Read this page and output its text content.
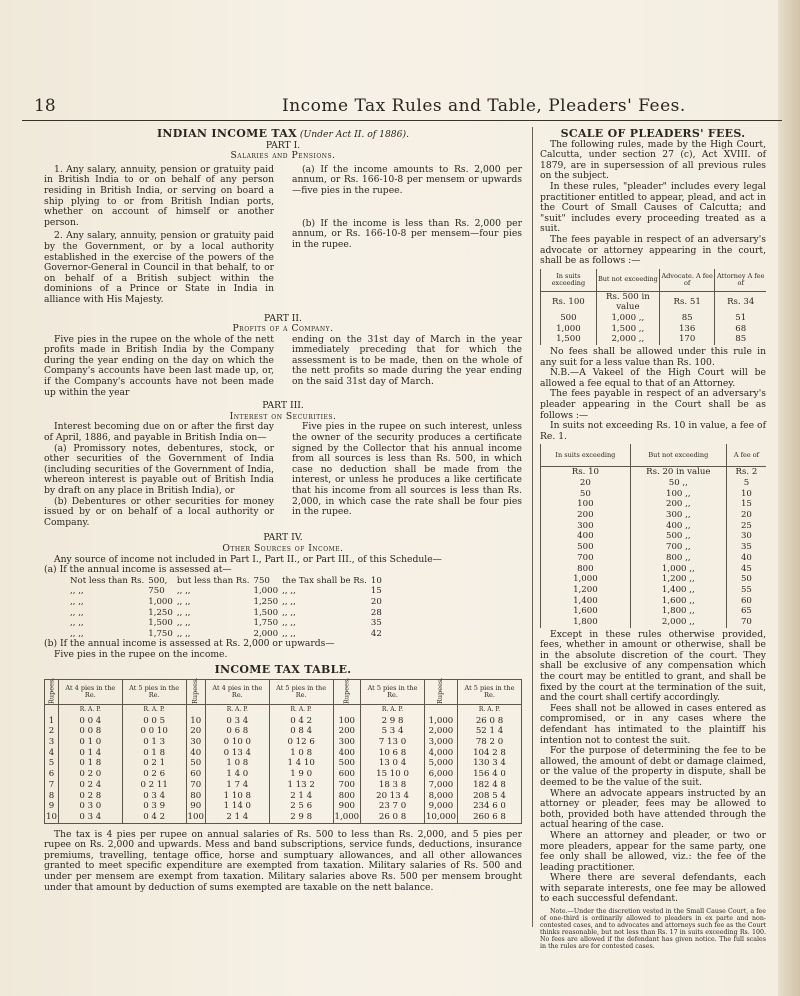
18	Income Tax Rules and Table, Pleaders' Fees.
INDIAN INCOME TAX (Under Act II. of 1886).
PART I.
Salaries and Pensions.

1. Any salary, annuity, pension or gratuity paid in British India to or on behalf of any person residing in British India, or serving on board a ship plying to or from British Indian ports, whether on account of himself or another person.

2. Any salary, annuity, pension or gratuity paid by the Government, or by a local authority established in the exercise of the powers of the Governor-General in Council in that behalf, to or on behalf of a British subject within the dominions of a Prince or State in India in alliance with His Majesty.

(a) If the income amounts to Rs. 2,000 per annum, or Rs. 166-10-8 per mensem or upwards—five pies in the rupee.

(b) If the income is less than Rs. 2,000 per annum, or Rs. 166-10-8 per mensem—four pies in the rupee.

PART II.
Profits of a Company.

Five pies in the rupee on the whole of the nett profits made in British India by the Company during the year ending on the day on which the Company's accounts have been last made up, or, if the Company's accounts have not been made up within the year

ending on the 31st day of March in the year immediately preceding that for which the assessment is to be made, then on the whole of the nett profits so made during the year ending on the said 31st day of March.

PART III.
Interest on Securities.

Interest becoming due on or after the first day of April, 1886, and payable in British India on—

(a) Promissory notes, debentures, stock, or other securities of the Government of India (including securities of the Government of India, whereon interest is payable out of British India by draft on any place in British India), or

(b) Debentures or other securities for money issued by or on behalf of a local authority or Company.

Five pies in the rupee on such interest, unless the owner of the security produces a certificate signed by the Collector that his annual income from all sources is less than Rs. 500, in which case no deduction shall be made from the interest, or unless he produces a like certificate that his income from all sources is less than Rs. 2,000, in which case the rate shall be four pies in the rupee.

PART IV.
Other Sources of Income.

Any source of income not included in Part I., Part II., or Part III., of this Schedule—

(a) If the annual income is assessed at—

Not less than Rs.	500,	but less than Rs.	750	the Tax shall be Rs.	10
,, ,,	750	,, ,,	1,000	,, ,,	15
,, ,,	1,000	,, ,,	1,250	,, ,,	20
,, ,,	1,250	,, ,,	1,500	,, ,,	28
,, ,,	1,500	,, ,,	1,750	,, ,,	35
,, ,,	1,750	,, ,,	2,000	,, ,,	42

(b) If the annual income is assessed at Rs. 2,000 or upwards—

Five pies in the rupee on the income.

INCOME TAX TABLE.
Rupees.	At 4 pies in the Re.	At 5 pies in the Re.	Rupees.	At 4 pies in the Re.	At 5 pies in the Re.	Rupees.	At 5 pies in the Re.	Rupees.	At 5 pies in the Re.
	R. A. P.	R. A. P.		R. A. P.	R. A. P.		R. A. P.		R. A. P.
1	0 0 4	0 0 5	10	0 3 4	0 4 2	100	2 9 8	1,000	26 0 8
2	0 0 8	0 0 10	20	0 6 8	0 8 4	200	5 3 4	2,000	52 1 4
3	0 1 0	0 1 3	30	0 10 0	0 12 6	300	7 13 0	3,000	78 2 0
4	0 1 4	0 1 8	40	0 13 4	1 0 8	400	10 6 8	4,000	104 2 8
5	0 1 8	0 2 1	50	1 0 8	1 4 10	500	13 0 4	5,000	130 3 4
6	0 2 0	0 2 6	60	1 4 0	1 9 0	600	15 10 0	6,000	156 4 0
7	0 2 4	0 2 11	70	1 7 4	1 13 2	700	18 3 8	7,000	182 4 8
8	0 2 8	0 3 4	80	1 10 8	2 1 4	800	20 13 4	8,000	208 5 4
9	0 3 0	0 3 9	90	1 14 0	2 5 6	900	23 7 0	9,000	234 6 0
10	0 3 4	0 4 2	100	2 1 4	2 9 8	1,000	26 0 8	10,000	260 6 8

The tax is 4 pies per rupee on annual salaries of Rs. 500 to less than Rs. 2,000, and 5 pies per rupee on Rs. 2,000 and upwards. Mess and band subscriptions, service funds, deductions, insurance premiums, travelling, tentage office, horse and sumptuary allowances, and all other allowances granted to meet specific expenditure are exempted from taxation. Military salaries of Rs. 500 and under per mensem are exempt from taxation. Military salaries above Rs. 500 per mensem brought under that amount by deduction of sums exempted are taxable on the nett balance.

SCALE OF PLEADERS' FEES.

The following rules, made by the High Court, Calcutta, under section 27 (c), Act XVIII. of 1879, are in supersession of all previous rules on the subject.

In these rules, "pleader" includes every legal practitioner entitled to appear, plead, and act in the Court of Small Causes of Calcutta; and "suit" includes every proceeding treated as a suit.

The fees payable in respect of an adversary's advocate or attorney appearing in the court, shall be as follows :—

In suits exceeding	But not exceeding	Advocate. A fee of	Attorney A fee of
Rs. 100	Rs. 500 in value	Rs. 51	Rs. 34
500	1,000 ,,	85	51
1,000	1,500 ,,	136	68
1,500	2,000 ,,	170	85

No fees shall be allowed under this rule in any suit for a less value than Rs. 100.

N.B.—A Vakeel of the High Court will be allowed a fee equal to that of an Attorney.

The fees payable in respect of an adversary's pleader appearing in the Court shall be as follows :—

In suits not exceeding Rs. 10 in value, a fee of Re. 1.

In suits exceeding	But not exceeding	A fee of
Rs. 10	Rs. 20 in value	Rs. 2
20	50 ,,	5
50	100 ,,	10
100	200 ,,	15
200	300 ,,	20
300	400 ,,	25
400	500 ,,	30
500	700 ,,	35
700	800 ,,	40
800	1,000 ,,	45
1,000	1,200 ,,	50
1,200	1,400 ,,	55
1,400	1,600 ,,	60
1,600	1,800 ,,	65
1,800	2,000 ,,	70

Except in these rules otherwise provided, fees, whether in amount or otherwise, shall be in the absolute discretion of the court. They shall be exclusive of any compensation which the court may be entitled to grant, and shall be fixed by the court at the termination of the suit, and the court shall certify accordingly.

Fees shall not be allowed in cases entered as compromised, or in any cases where the defendant has intimated to the plaintiff his intention not to contest the suit.

For the purpose of determining the fee to be allowed, the amount of debt or damage claimed, or the value of the property in dispute, shall be deemed to be the value of the suit.

Where an advocate appears instructed by an attorney or pleader, fees may be allowed to both, provided both have attended through the actual hearing of the case.

Where an attorney and pleader, or two or more pleaders, appear for the same party, one fee only shall be allowed, viz.: the fee of the leading practitioner.

Where there are several defendants, each with separate interests, one fee may be allowed to each successful defendant.

Note.—Under the discretion vested in the Small Cause Court, a fee of one-third is ordinarily allowed to pleaders in ex parte and non-contested cases, and to advocates and attorneys such fee as the Court thinks reasonable, but not less than Rs. 17 in suits exceeding Rs. 100. No fees are allowed if the defendant has given notice. The full scales in the rules are for contested cases.
